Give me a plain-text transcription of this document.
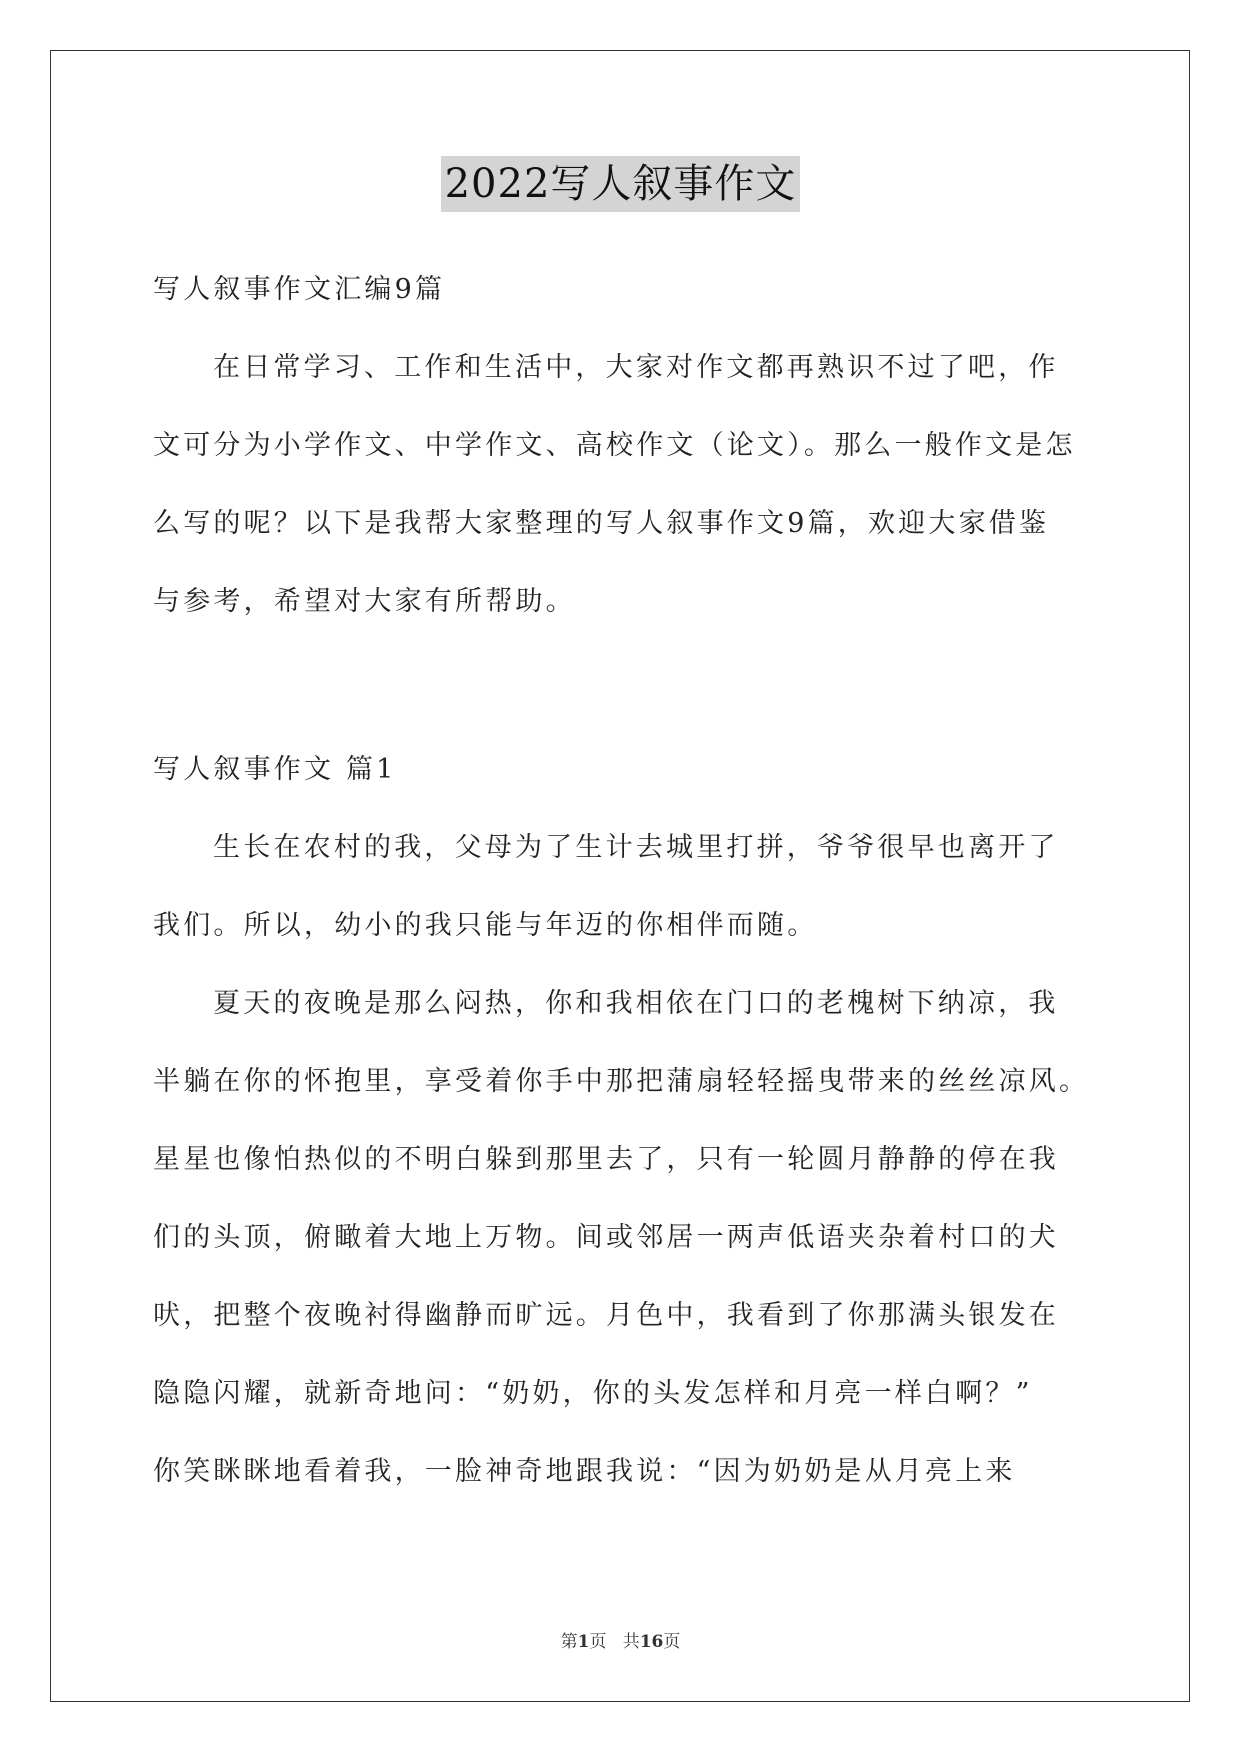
2022写人叙事作文
写人叙事作文汇编9篇
在日常学习、工作和生活中，大家对作文都再熟识不过了吧，作
文可分为小学作文、中学作文、高校作文（论文）。那么一般作文是怎
么写的呢？以下是我帮大家整理的写人叙事作文9篇，欢迎大家借鉴
与参考，希望对大家有所帮助。
写人叙事作文 篇1
生长在农村的我，父母为了生计去城里打拼，爷爷很早也离开了
我们。所以，幼小的我只能与年迈的你相伴而随。
夏天的夜晚是那么闷热，你和我相依在门口的老槐树下纳凉，我
半躺在你的怀抱里，享受着你手中那把蒲扇轻轻摇曳带来的丝丝凉风。
星星也像怕热似的不明白躲到那里去了，只有一轮圆月静静的停在我
们的头顶，俯瞰着大地上万物。间或邻居一两声低语夹杂着村口的犬
吠，把整个夜晚衬得幽静而旷远。月色中，我看到了你那满头银发在
隐隐闪耀，就新奇地问：“奶奶，你的头发怎样和月亮一样白啊？”
你笑眯眯地看着我，一脸神奇地跟我说：“因为奶奶是从月亮上来
第1页 共16页
